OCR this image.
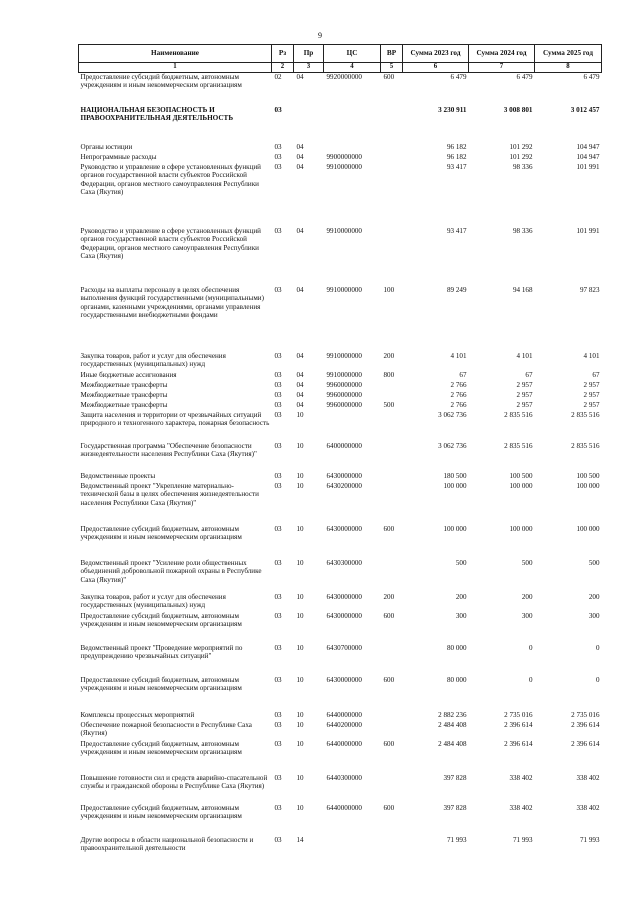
9
Наименование	Рз	Пр	ЦС	ВР	Сумма 2023 год	Сумма 2024 год	Сумма 2025 год
1	2	3	4	5	6	7	8
Предоставление субсидий бюджетным, автономным учреждениям и иным некоммерческим организациям	02	04	9920000000	600	6 479	6 479	6 479
НАЦИОНАЛЬНАЯ БЕЗОПАСНОСТЬ И ПРАВООХРАНИТЕЛЬНАЯ ДЕЯТЕЛЬНОСТЬ	03				3 230 911	3 008 801	3 012 457
Органы юстиции	03	04			96 182	101 292	104 947
Непрограммные расходы	03	04	9900000000		96 182	101 292	104 947
Руководство и управление в сфере установленных функций органов государственной власти субъектов Российской Федерации, органов местного самоуправления Республики Саха (Якутия)	03	04	9910000000		93 417	98 336	101 991
Руководство и управление в сфере установленных функций органов государственной власти субъектов Российской Федерации, органов местного самоуправления Республики Саха (Якутия)	03	04	9910000000		93 417	98 336	101 991
Расходы на выплаты персоналу в целях обеспечения выполнения функций государственными (муниципальными) органами, казенными учреждениями, органами управления государственными внебюджетными фондами	03	04	9910000000	100	89 249	94 168	97 823
Закупка товаров, работ и услуг для обеспечения государственных (муниципальных) нужд	03	04	9910000000	200	4 101	4 101	4 101
Иные бюджетные ассигнования	03	04	9910000000	800	67	67	67
Межбюджетные трансферты	03	04	9960000000		2 766	2 957	2 957
Межбюджетные трансферты	03	04	9960000000		2 766	2 957	2 957
Межбюджетные трансферты	03	04	9960000000	500	2 766	2 957	2 957
Защита населения и территории от чрезвычайных ситуаций природного и техногенного характера, пожарная безопасность	03	10			3 062 736	2 835 516	2 835 516
Государственная программа "Обеспечение безопасности жизнедеятельности населения Республики Саха (Якутия)"	03	10	6400000000		3 062 736	2 835 516	2 835 516
Ведомственные проекты	03	10	6430000000		180 500	100 500	100 500
Ведомственный проект "Укрепление материально-технической базы в целях обеспечения жизнедеятельности населения Республики Саха (Якутия)"	03	10	6430200000		100 000	100 000	100 000
Предоставление субсидий бюджетным, автономным учреждениям и иным некоммерческим организациям	03	10	6430000000	600	100 000	100 000	100 000
Ведомственный проект "Усиление роли общественных объединений добровольной пожарной охраны в Республике Саха (Якутия)"	03	10	6430300000		500	500	500
Закупка товаров, работ и услуг для обеспечения государственных (муниципальных) нужд	03	10	6430000000	200	200	200	200
Предоставление субсидий бюджетным, автономным учреждениям и иным некоммерческим организациям	03	10	6430000000	600	300	300	300
Ведомственный проект "Проведение мероприятий по предупреждению чрезвычайных ситуаций"	03	10	6430700000		80 000	0	0
Предоставление субсидий бюджетным, автономным учреждениям и иным некоммерческим организациям	03	10	6430000000	600	80 000	0	0
Комплексы процессных мероприятий	03	10	6440000000		2 882 236	2 735 016	2 735 016
Обеспечение пожарной безопасности в Республике Саха (Якутия)	03	10	6440200000		2 484 408	2 396 614	2 396 614
Предоставление субсидий бюджетным, автономным учреждениям и иным некоммерческим организациям	03	10	6440000000	600	2 484 408	2 396 614	2 396 614
Повышение готовности сил и средств аварийно-спасательной службы и гражданской обороны в Республике Саха (Якутия)	03	10	6440300000		397 828	338 402	338 402
Предоставление субсидий бюджетным, автономным учреждениям и иным некоммерческим организациям	03	10	6440000000	600	397 828	338 402	338 402
Другие вопросы в области национальной безопасности и правоохранительной деятельности	03	14			71 993	71 993	71 993
